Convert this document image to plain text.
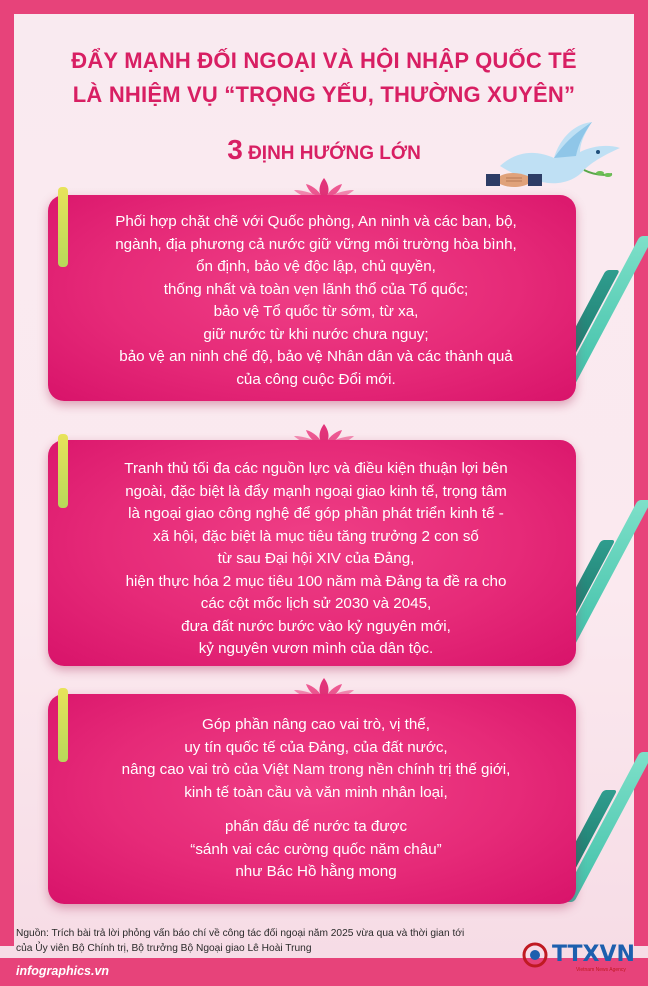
ĐẨY MẠNH ĐỐI NGOẠI VÀ HỘI NHẬP QUỐC TẾ
LÀ NHIỆM VỤ “TRỌNG YẾU, THƯỜNG XUYÊN”
3 ĐỊNH HƯỚNG LỚN

Phối hợp chặt chẽ với Quốc phòng, An ninh và các ban, bộ,

ngành, địa phương cả nước giữ vững môi trường hòa bình,

ổn định, bảo vệ độc lập, chủ quyền,

thống nhất và toàn vẹn lãnh thổ của Tổ quốc;

bảo vệ Tổ quốc từ sớm, từ xa,

giữ nước từ khi nước chưa nguy;

bảo vệ an ninh chế độ, bảo vệ Nhân dân và các thành quả

của công cuộc Đổi mới.

Tranh thủ tối đa các nguồn lực và điều kiện thuận lợi bên

ngoài, đặc biệt là đẩy mạnh ngoại giao kinh tế, trọng tâm

là ngoại giao công nghệ để góp phần phát triển kinh tế -

xã hội, đặc biệt là mục tiêu tăng trưởng 2 con số

từ sau Đại hội XIV của Đảng,

hiện thực hóa 2 mục tiêu 100 năm mà Đảng ta đề ra cho

các cột mốc lịch sử 2030 và 2045,

đưa đất nước bước vào kỷ nguyên mới,

kỷ nguyên vươn mình của dân tộc.

Góp phần nâng cao vai trò, vị thế,

uy tín quốc tế của Đảng, của đất nước,

nâng cao vai trò của Việt Nam trong nền chính trị thế giới,

kinh tế toàn cầu và văn minh nhân loại,

phấn đấu để nước ta được

“sánh vai các cường quốc năm châu”

như Bác Hồ hằng mong

Nguồn: Trích bài trả lời phỏng vấn báo chí về công tác đối ngoại năm 2025 vừa qua và thời gian tới
của Ủy viên Bộ Chính trị, Bộ trưởng Bộ Ngoại giao Lê Hoài Trung
infographics.vn
TTXVN
Vietnam News Agency
